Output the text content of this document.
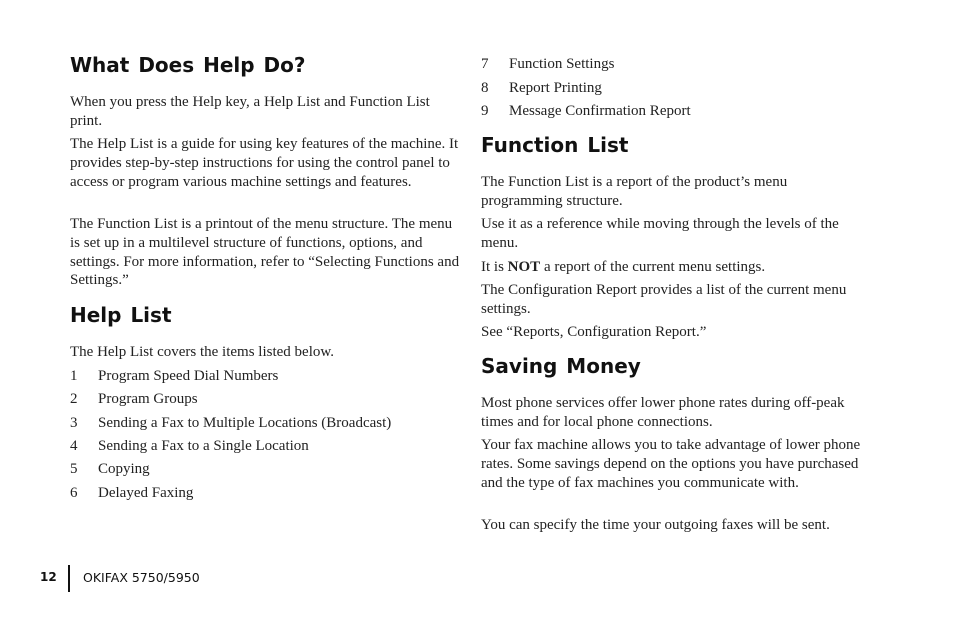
What Does Help Do?

When you press the Help key, a Help List and Function List print.

The Help List is a guide for using key features of the machine. It provides step-by-step instructions for using the control panel to access or program various machine settings and features.

The Function List is a printout of the menu structure. The menu is set up in a multilevel structure of functions, options, and settings. For more information, refer to “Selecting Functions and Settings.”

Help List

The Help List covers the items listed below.

1 Program Speed Dial Numbers
2 Program Groups
3 Sending a Fax to Multiple Locations (Broadcast)
4 Sending a Fax to a Single Location
5 Copying
6 Delayed Faxing
7 Function Settings
8 Report Printing
9 Message Confirmation Report
Function List

The Function List is a report of the product’s menu programming structure.

Use it as a reference while moving through the levels of the menu.

It is NOT a report of the current menu settings.

The Configuration Report provides a list of the current menu settings.

See “Reports, Configuration Report.”

Saving Money

Most phone services offer lower phone rates during off-peak times and for local phone connections.

Your fax machine allows you to take advantage of lower phone rates. Some savings depend on the options you have purchased and the type of fax machines you communicate with.

You can specify the time your outgoing faxes will be sent.

12 OKIFAX 5750/5950
